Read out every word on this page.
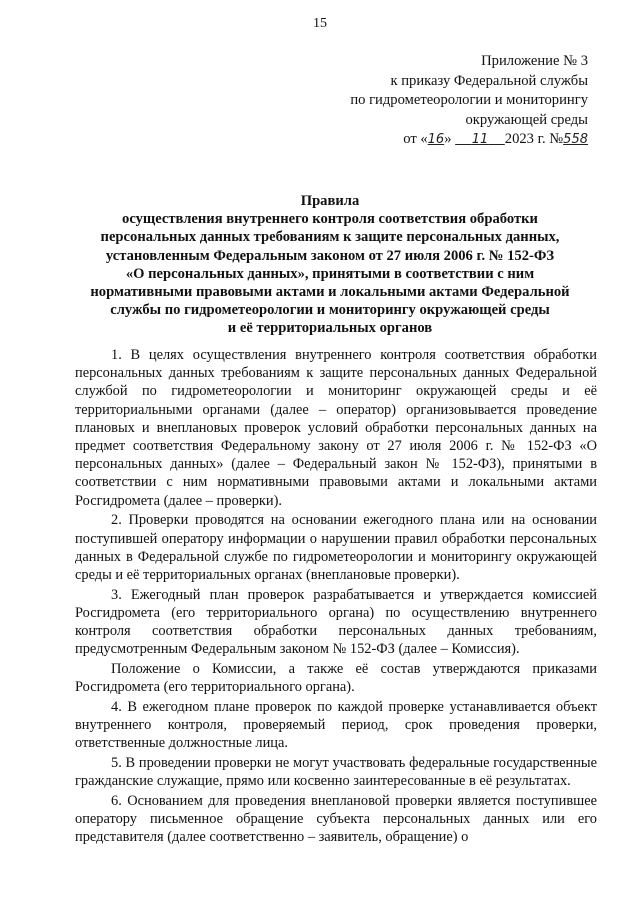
15
Приложение № 3
к приказу Федеральной службы
по гидрометеорологии и мониторингу
окружающей среды
от «16» 11 2023 г. №558
Правила
осуществления внутреннего контроля соответствия обработки
персональных данных требованиям к защите персональных данных,
установленным Федеральным законом от 27 июля 2006 г. № 152-ФЗ
«О персональных данных», принятыми в соответствии с ним
нормативными правовыми актами и локальными актами Федеральной
службы по гидрометеорологии и мониторингу окружающей среды
и её территориальных органов

1. В целях осуществления внутреннего контроля соответствия обработки персональных данных требованиям к защите персональных данных Федеральной службой по гидрометеорологии и мониторинг окружающей среды и её территориальными органами (далее – оператор) организовывается проведение плановых и внеплановых проверок условий обработки персональных данных на предмет соответствия Федеральному закону от 27 июля 2006 г. № 152-ФЗ «О персональных данных» (далее – Федеральный закон № 152-ФЗ), принятыми в соответствии с ним нормативными правовыми актами и локальными актами Росгидромета (далее – проверки).

2. Проверки проводятся на основании ежегодного плана или на основании поступившей оператору информации о нарушении правил обработки персональных данных в Федеральной службе по гидрометеорологии и мониторингу окружающей среды и её территориальных органах (внеплановые проверки).

3. Ежегодный план проверок разрабатывается и утверждается комиссией Росгидромета (его территориального органа) по осуществлению внутреннего контроля соответствия обработки персональных данных требованиям, предусмотренным Федеральным законом № 152-ФЗ (далее – Комиссия).

Положение о Комиссии, а также её состав утверждаются приказами Росгидромета (его территориального органа).

4. В ежегодном плане проверок по каждой проверке устанавливается объект внутреннего контроля, проверяемый период, срок проведения проверки, ответственные должностные лица.

5. В проведении проверки не могут участвовать федеральные государственные гражданские служащие, прямо или косвенно заинтересованные в её результатах.

6. Основанием для проведения внеплановой проверки является поступившее оператору письменное обращение субъекта персональных данных или его представителя (далее соответственно – заявитель, обращение) о
